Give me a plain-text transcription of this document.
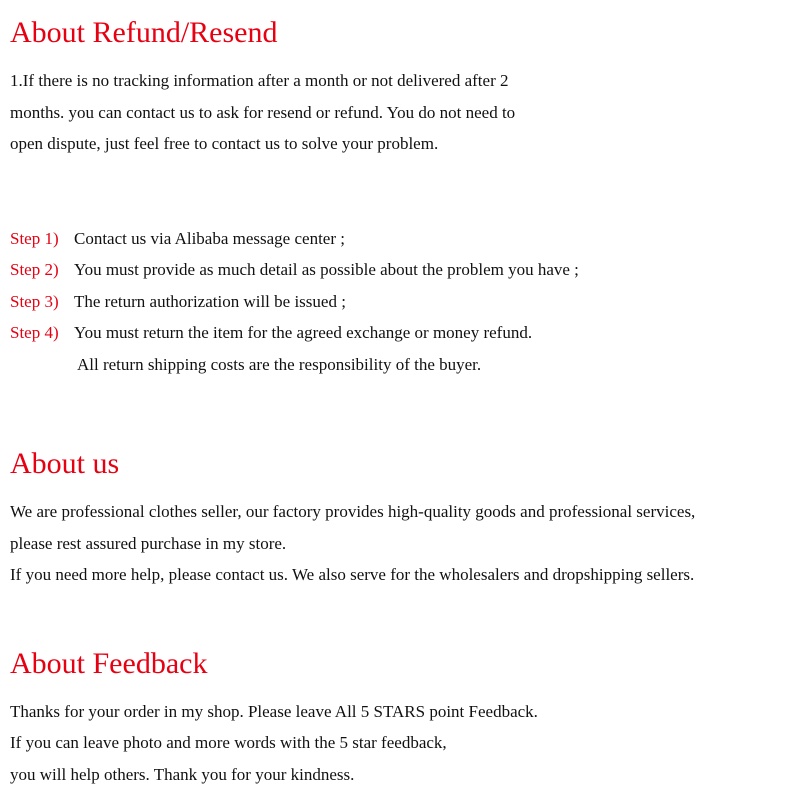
About Refund/Resend

1.If there is no tracking information after a month or not delivered after 2

months. you can contact us to ask for resend or refund. You do not need to

open dispute, just feel free to contact us to solve your problem.

Step 1) Contact us via Alibaba message center ;
Step 2) You must provide as much detail as possible about the problem you have ;
Step 3) The return authorization will be issued ;
Step 4) You must return the item for the agreed exchange or money refund.

All return shipping costs are the responsibility of the buyer.

About us

We are professional clothes seller, our factory provides high-quality goods and professional services,

please rest assured purchase in my store.

If you need more help, please contact us. We also serve for the wholesalers and dropshipping sellers.

About Feedback

Thanks for your order in my shop. Please leave All 5 STARS point Feedback.

If you can leave photo and more words with the 5 star feedback,

you will help others. Thank you for your kindness.
